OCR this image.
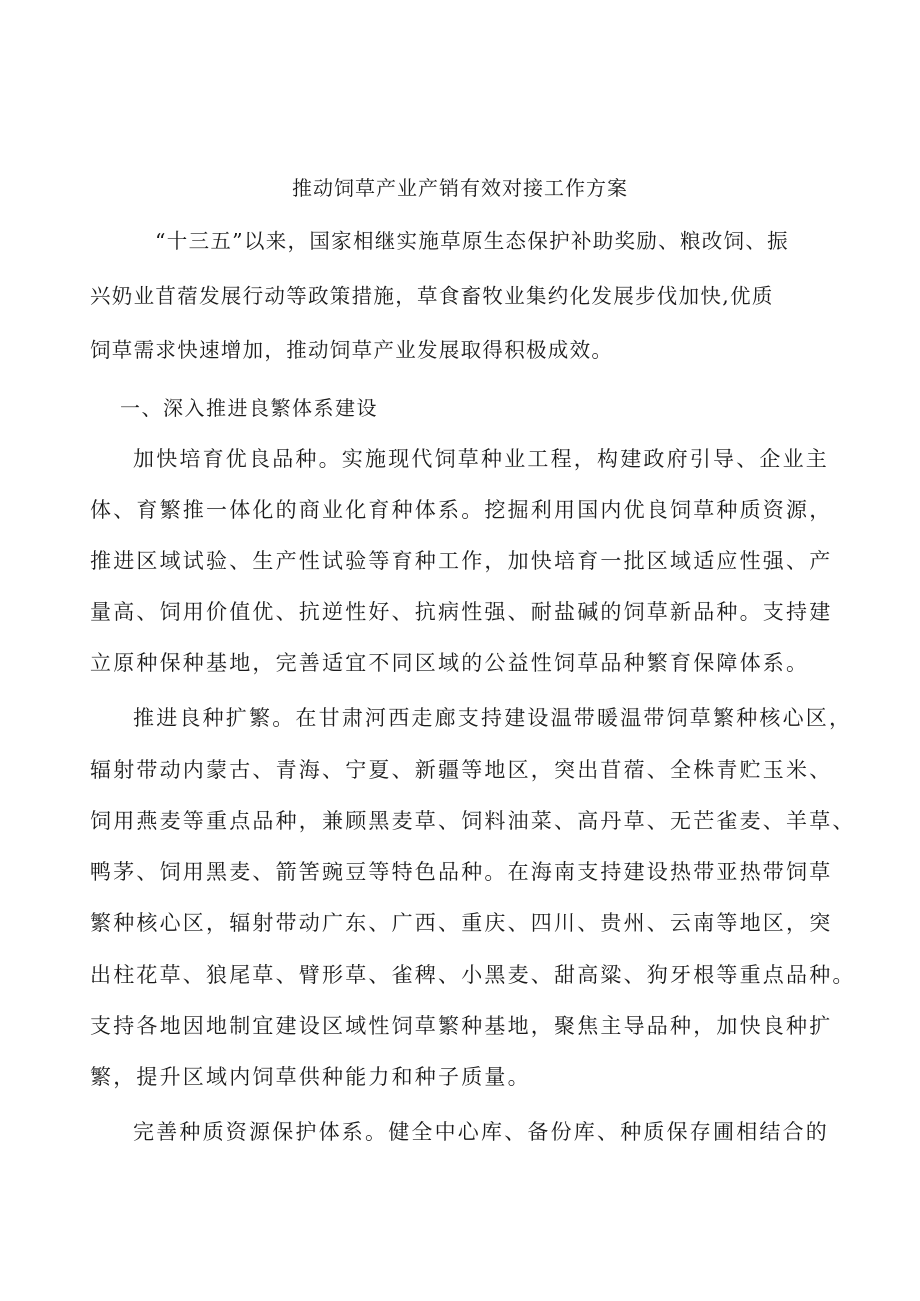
推动饲草产业产销有效对接工作方案

“十三五”以来，国家相继实施草原生态保护补助奖励、粮改饲、振

兴奶业苜蓿发展行动等政策措施，草食畜牧业集约化发展步伐加快,优质

饲草需求快速增加，推动饲草产业发展取得积极成效。

一、深入推进良繁体系建设

加快培育优良品种。实施现代饲草种业工程，构建政府引导、企业主

体、育繁推一体化的商业化育种体系。挖掘利用国内优良饲草种质资源，

推进区域试验、生产性试验等育种工作，加快培育一批区域适应性强、产

量高、饲用价值优、抗逆性好、抗病性强、耐盐碱的饲草新品种。支持建

立原种保种基地，完善适宜不同区域的公益性饲草品种繁育保障体系。

推进良种扩繁。在甘肃河西走廊支持建设温带暖温带饲草繁种核心区，

辐射带动内蒙古、青海、宁夏、新疆等地区，突出苜蓿、全株青贮玉米、

饲用燕麦等重点品种，兼顾黑麦草、饲料油菜、高丹草、无芒雀麦、羊草、

鸭茅、饲用黑麦、箭筈豌豆等特色品种。在海南支持建设热带亚热带饲草

繁种核心区，辐射带动广东、广西、重庆、四川、贵州、云南等地区，突

出柱花草、狼尾草、臂形草、雀稗、小黑麦、甜高粱、狗牙根等重点品种。

支持各地因地制宜建设区域性饲草繁种基地，聚焦主导品种，加快良种扩

繁，提升区域内饲草供种能力和种子质量。

完善种质资源保护体系。健全中心库、备份库、种质保存圃相结合的
